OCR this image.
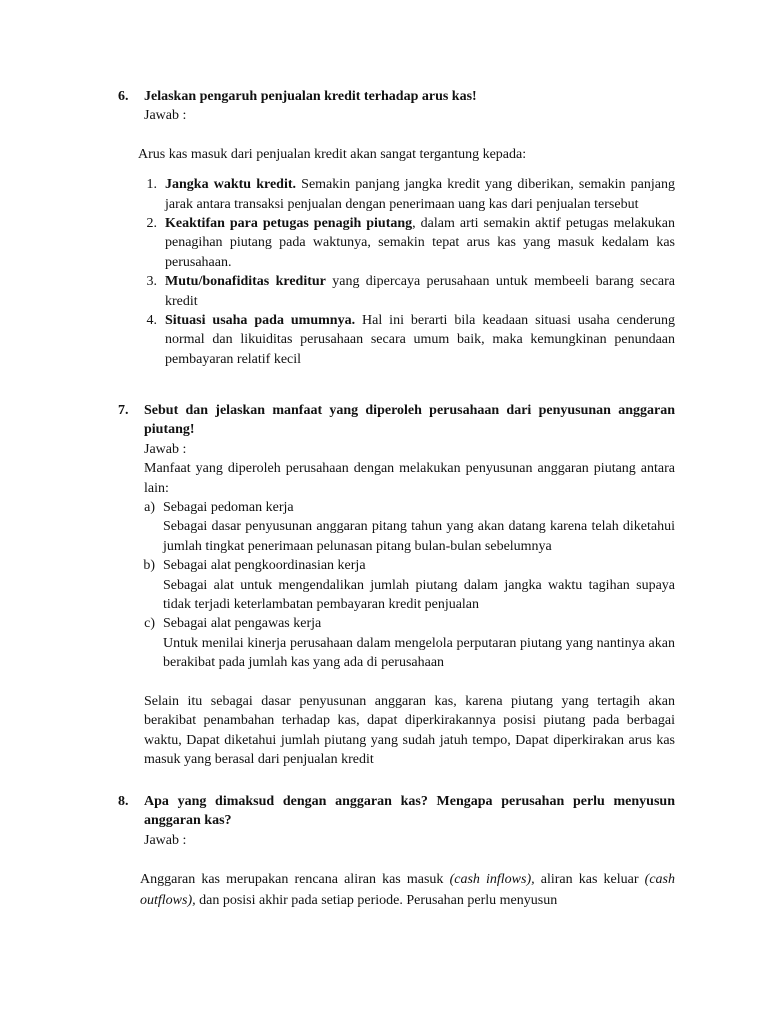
6.	Jelaskan pengaruh penjualan kredit terhadap arus kas!
Jawab :
Arus kas masuk dari penjualan kredit akan sangat tergantung kepada:
1. Jangka waktu kredit. Semakin panjang jangka kredit yang diberikan, semakin panjang jarak antara transaksi penjualan dengan penerimaan uang kas dari penjualan tersebut
2. Keaktifan para petugas penagih piutang, dalam arti semakin aktif petugas melakukan penagihan piutang pada waktunya, semakin tepat arus kas yang masuk kedalam kas perusahaan.
3. Mutu/bonafiditas kreditur yang dipercaya perusahaan untuk membeeli barang secara kredit
4. Situasi usaha pada umumnya. Hal ini berarti bila keadaan situasi usaha cenderung normal dan likuiditas perusahaan secara umum baik, maka kemungkinan penundaan pembayaran relatif kecil
7.	Sebut dan jelaskan manfaat yang diperoleh perusahaan dari penyusunan anggaran piutang!
Jawab :
Manfaat yang diperoleh perusahaan dengan melakukan penyusunan anggaran piutang antara lain:
a) Sebagai pedoman kerja
Sebagai dasar penyusunan anggaran pitang tahun yang akan datang karena telah diketahui jumlah tingkat penerimaan pelunasan pitang bulan-bulan sebelumnya
b) Sebagai alat pengkoordinasian kerja
Sebagai alat untuk mengendalikan jumlah piutang dalam jangka waktu tagihan supaya tidak terjadi keterlambatan pembayaran kredit penjualan
c) Sebagai alat pengawas kerja
Untuk menilai kinerja perusahaan dalam mengelola perputaran piutang yang nantinya akan berakibat pada jumlah kas yang ada di perusahaan
Selain itu sebagai dasar penyusunan anggaran kas, karena piutang yang tertagih akan berakibat penambahan terhadap kas, dapat diperkirakannya posisi piutang pada berbagai waktu, Dapat diketahui jumlah piutang yang sudah jatuh tempo, Dapat diperkirakan arus kas masuk yang berasal dari penjualan kredit
8.	Apa yang dimaksud dengan anggaran kas? Mengapa perusahan perlu menyusun anggaran kas?
Jawab :
Anggaran kas merupakan rencana aliran kas masuk (cash inflows), aliran kas keluar (cash outflows), dan posisi akhir pada setiap periode. Perusahan perlu menyusun
